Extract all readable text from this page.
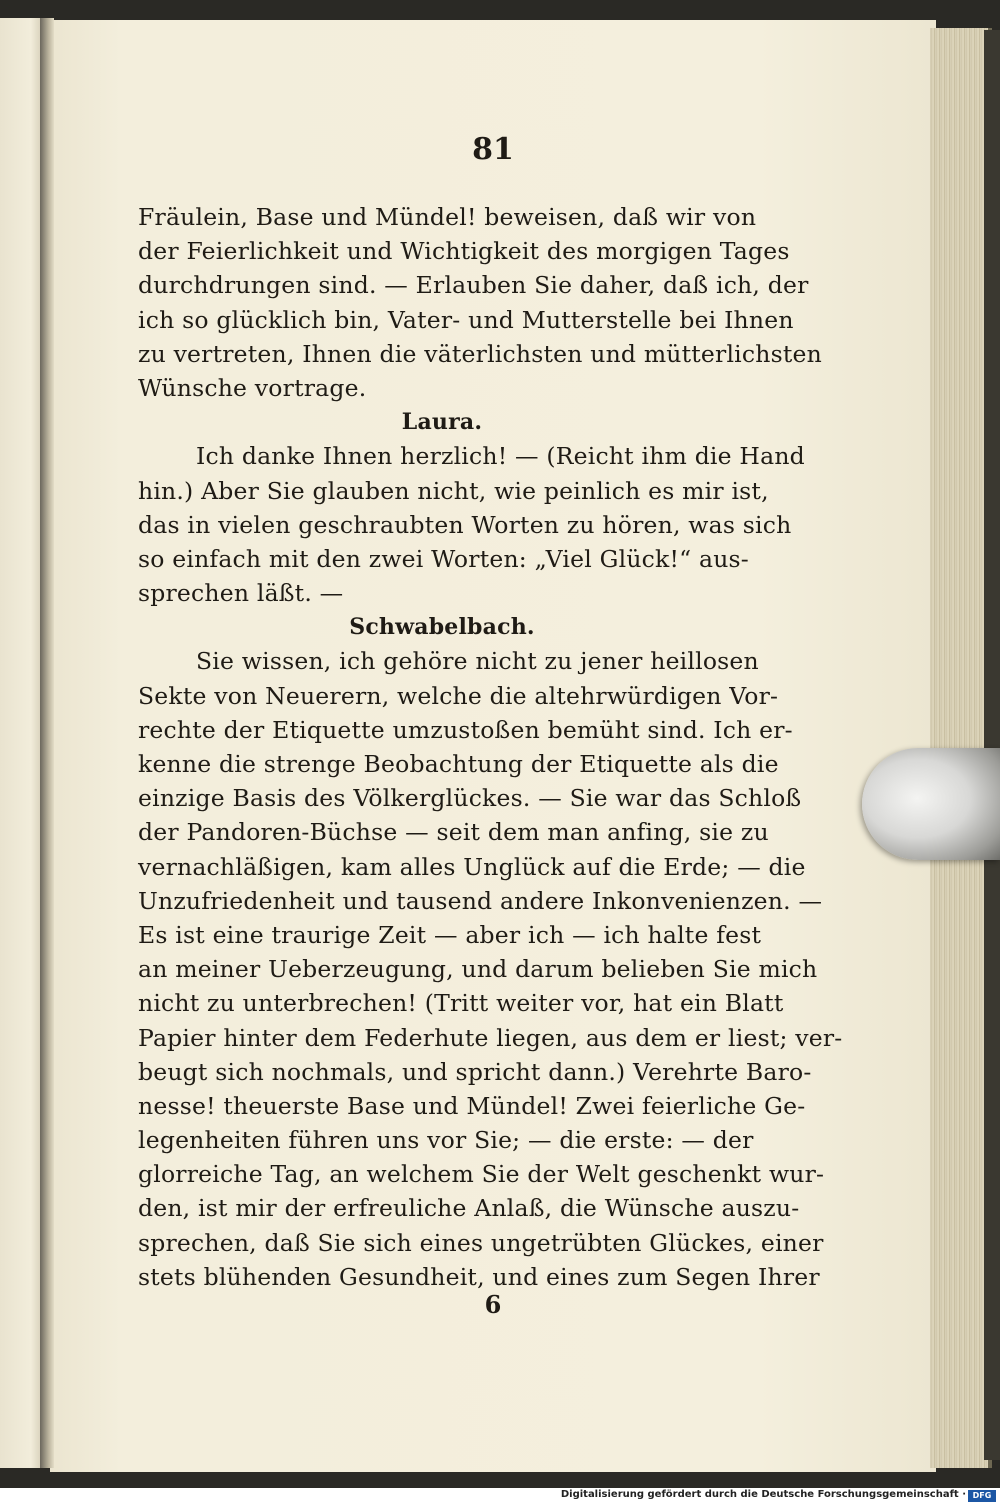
81
Fräulein, Base und Mündel! beweisen, daß wir von
der Feierlichkeit und Wichtigkeit des morgigen Tages
durchdrungen sind. — Erlauben Sie daher, daß ich, der
ich so glücklich bin, Vater- und Mutterstelle bei Ihnen
zu vertreten, Ihnen die väterlichsten und mütterlichsten
Wünsche vortrage.
Laura.
Ich danke Ihnen herzlich! — (Reicht ihm die Hand
hin.) Aber Sie glauben nicht, wie peinlich es mir ist,
das in vielen geschraubten Worten zu hören, was sich
so einfach mit den zwei Worten: „Viel Glück!“ aus-
sprechen läßt. —
Schwabelbach.
Sie wissen, ich gehöre nicht zu jener heillosen
Sekte von Neuerern, welche die altehrwürdigen Vor-
rechte der Etiquette umzustoßen bemüht sind. Ich er-
kenne die strenge Beobachtung der Etiquette als die
einzige Basis des Völkerglückes. — Sie war das Schloß
der Pandoren-Büchse — seit dem man anfing, sie zu
vernachläßigen, kam alles Unglück auf die Erde; — die
Unzufriedenheit und tausend andere Inkonvenienzen. —
Es ist eine traurige Zeit — aber ich — ich halte fest
an meiner Ueberzeugung, und darum belieben Sie mich
nicht zu unterbrechen! (Tritt weiter vor, hat ein Blatt
Papier hinter dem Federhute liegen, aus dem er liest; ver-
beugt sich nochmals, und spricht dann.) Verehrte Baro-
nesse! theuerste Base und Mündel! Zwei feierliche Ge-
legenheiten führen uns vor Sie; — die erste: — der
glorreiche Tag, an welchem Sie der Welt geschenkt wur-
den, ist mir der erfreuliche Anlaß, die Wünsche auszu-
sprechen, daß Sie sich eines ungetrübten Glückes, einer
stets blühenden Gesundheit, und eines zum Segen Ihrer
6
Digitalisierung gefördert durch die Deutsche Forschungsgemeinschaft · DFG
